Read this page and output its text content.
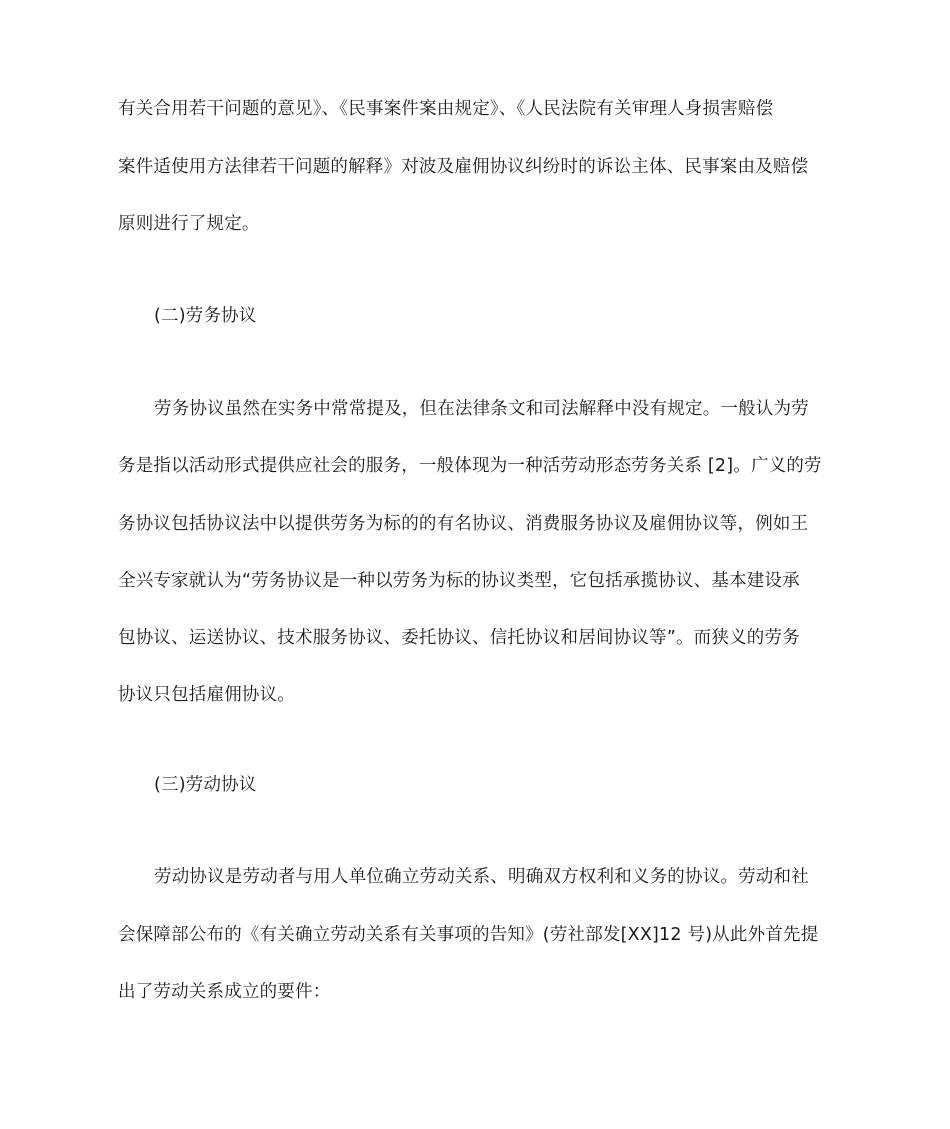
有关合用若干问题的意见》、《民事案件案由规定》、《人民法院有关审理人身损害赔偿
案件适使用方法律若干问题的解释》对波及雇佣协议纠纷时的诉讼主体、民事案由及赔偿
原则进行了规定。
(二)劳务协议
劳务协议虽然在实务中常常提及，但在法律条文和司法解释中没有规定。一般认为劳
务是指以活动形式提供应社会的服务，一般体现为一种活劳动形态劳务关系 [2]。广义的劳
务协议包括协议法中以提供劳务为标的的有名协议、消费服务协议及雇佣协议等，例如王
全兴专家就认为“劳务协议是一种以劳务为标的协议类型，它包括承揽协议、基本建设承
包协议、运送协议、技术服务协议、委托协议、信托协议和居间协议等”。而狭义的劳务
协议只包括雇佣协议。
(三)劳动协议
劳动协议是劳动者与用人单位确立劳动关系、明确双方权利和义务的协议。劳动和社
会保障部公布的《有关确立劳动关系有关事项的告知》(劳社部发[XX]12 号)从此外首先提
出了劳动关系成立的要件：
